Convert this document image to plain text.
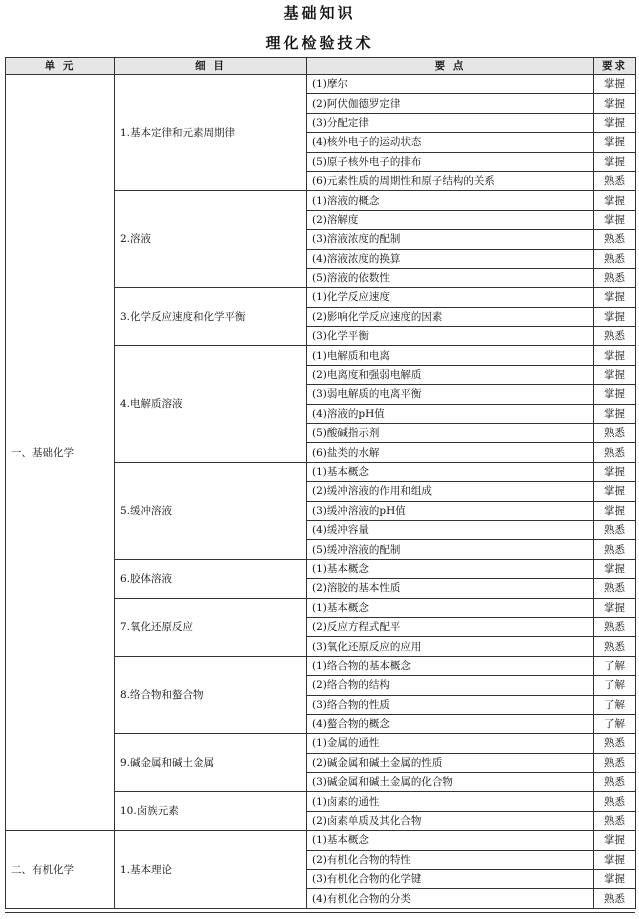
基础知识
理化检验技术
单 元	细 目	要 点	要求
一、基础化学	1.基本定律和元素周期律	(1)摩尔	掌握
		(2)阿伏伽德罗定律	掌握
		(3)分配定律	掌握
		(4)核外电子的运动状态	掌握
		(5)原子核外电子的排布	掌握
		(6)元素性质的周期性和原子结构的关系	熟悉
	2.溶液	(1)溶液的概念	掌握
		(2)溶解度	掌握
		(3)溶液浓度的配制	熟悉
		(4)溶液浓度的换算	熟悉
		(5)溶液的依数性	熟悉
	3.化学反应速度和化学平衡	(1)化学反应速度	掌握
		(2)影响化学反应速度的因素	掌握
		(3)化学平衡	熟悉
	4.电解质溶液	(1)电解质和电离	掌握
		(2)电离度和强弱电解质	掌握
		(3)弱电解质的电离平衡	掌握
		(4)溶液的pH值	掌握
		(5)酸碱指示剂	熟悉
		(6)盐类的水解	熟悉
	5.缓冲溶液	(1)基本概念	掌握
		(2)缓冲溶液的作用和组成	掌握
		(3)缓冲溶液的pH值	掌握
		(4)缓冲容量	熟悉
		(5)缓冲溶液的配制	熟悉
	6.胶体溶液	(1)基本概念	掌握
		(2)溶胶的基本性质	熟悉
	7.氧化还原反应	(1)基本概念	掌握
		(2)反应方程式配平	熟悉
		(3)氧化还原反应的应用	熟悉
	8.络合物和螯合物	(1)络合物的基本概念	了解
		(2)络合物的结构	了解
		(3)络合物的性质	了解
		(4)螯合物的概念	了解
	9.碱金属和碱土金属	(1)金属的通性	熟悉
		(2)碱金属和碱土金属的性质	熟悉
		(3)碱金属和碱土金属的化合物	熟悉
	10.卤族元素	(1)卤素的通性	熟悉
		(2)卤素单质及其化合物	熟悉
二、有机化学	1.基本理论	(1)基本概念	掌握
		(2)有机化合物的特性	掌握
		(3)有机化合物的化学键	掌握
		(4)有机化合物的分类	熟悉
